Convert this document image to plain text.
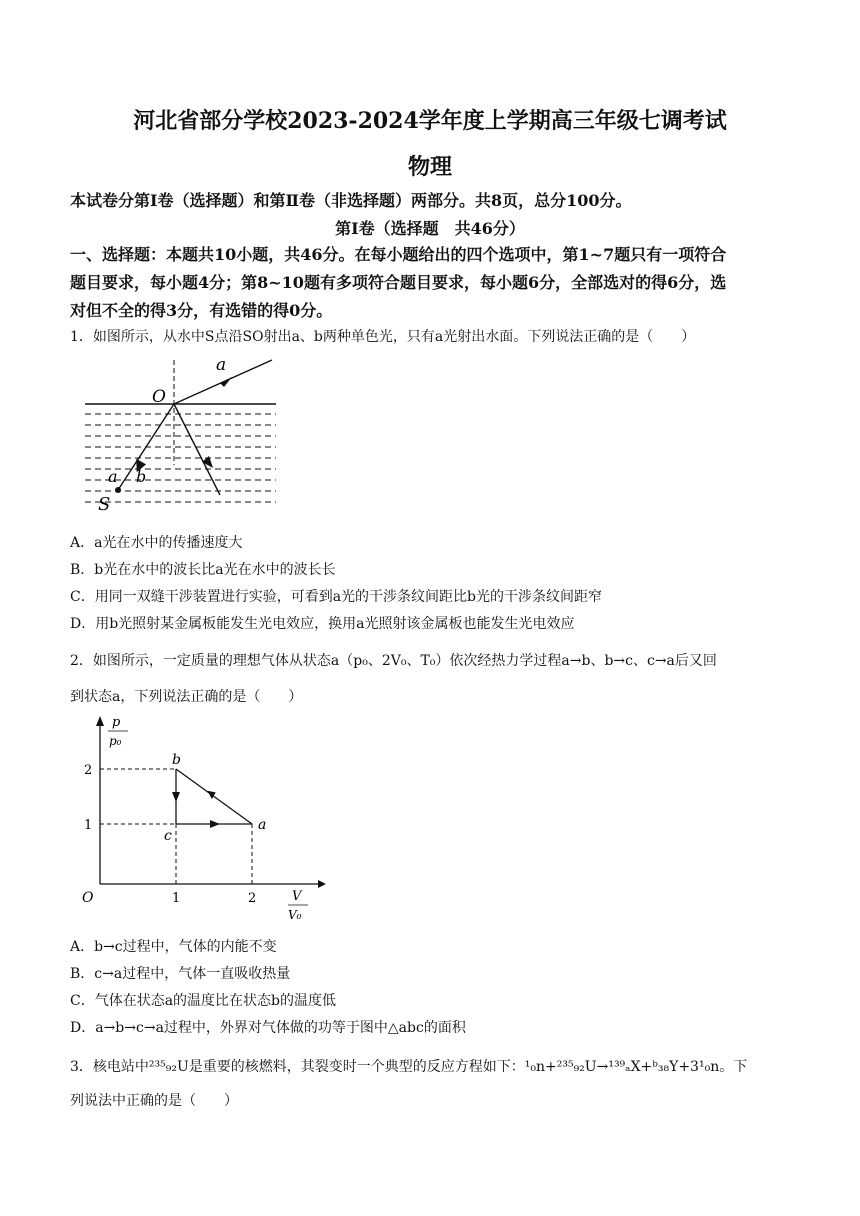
河北省部分学校2023-2024学年度上学期高三年级七调考试
物理
本试卷分第Ⅰ卷（选择题）和第Ⅱ卷（非选择题）两部分。共8页，总分100分。
第Ⅰ卷（选择题　共46分）
一、选择题：本题共10小题，共46分。在每小题给出的四个选项中，第1~7题只有一项符合
题目要求，每小题4分；第8~10题有多项符合题目要求，每小题6分，全部选对的得6分，选
对但不全的得3分，有选错的得0分。
1．如图所示，从水中S点沿SO射出a、b两种单色光，只有a光射出水面。下列说法正确的是（　　）
O
a
a b
S
A．a光在水中的传播速度大
B．b光在水中的波长比a光在水中的波长长
C．用同一双缝干涉装置进行实验，可看到a光的干涉条纹间距比b光的干涉条纹间距窄
D．用b光照射某金属板能发生光电效应，换用a光照射该金属板也能发生光电效应
2．如图所示，一定质量的理想气体从状态a（p₀、2V₀、T₀）依次经热力学过程a→b、b→c、c→a后又回
到状态a，下列说法正确的是（　　）
p
p₀
V
V₀
O
1
2
1	2
b
c
a
A．b→c过程中，气体的内能不变
B．c→a过程中，气体一直吸收热量
C．气体在状态a的温度比在状态b的温度低
D．a→b→c→a过程中，外界对气体做的功等于图中△abc的面积
3．核电站中²³⁵₉₂U是重要的核燃料，其裂变时一个典型的反应方程如下：¹₀n+²³⁵₉₂U→¹³⁹ₐX+ᵇ₃₈Y+3¹₀n。下
列说法中正确的是（　　）
